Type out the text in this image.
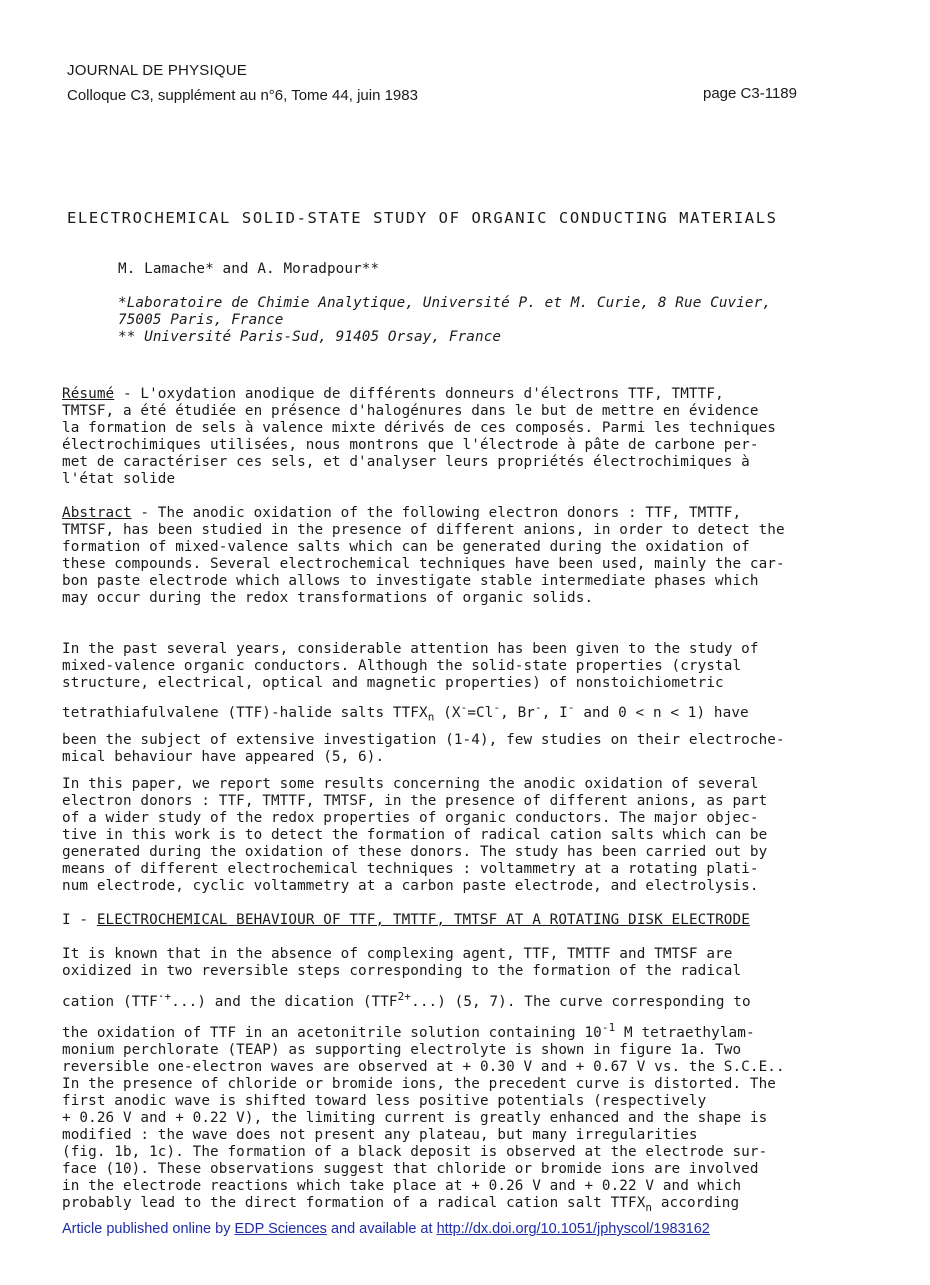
JOURNAL DE PHYSIQUE
Colloque C3, supplément au n°6, Tome 44, juin 1983	page C3-1189
ELECTROCHEMICAL SOLID-STATE STUDY OF ORGANIC CONDUCTING MATERIALS
M. Lamache* and A. Moradpour**
*Laboratoire de Chimie Analytique, Université P. et M. Curie, 8 Rue Cuvier,
75005 Paris, France
** Université Paris-Sud, 91405 Orsay, France

Résumé - L'oxydation anodique de différents donneurs d'électrons TTF, TMTTF,

TMTSF, a été étudiée en présence d'halogénures dans le but de mettre en évidence

la formation de sels à valence mixte dérivés de ces composés. Parmi les techniques

électrochimiques utilisées, nous montrons que l'électrode à pâte de carbone per-

met de caractériser ces sels, et d'analyser leurs propriétés électrochimiques à

l'état solide

Abstract - The anodic oxidation of the following electron donors : TTF, TMTTF,

TMTSF, has been studied in the presence of different anions, in order to detect the

formation of mixed-valence salts which can be generated during the oxidation of

these compounds. Several electrochemical techniques have been used, mainly the car-

bon paste electrode which allows to investigate stable intermediate phases which

may occur during the redox transformations of organic solids.

In the past several years, considerable attention has been given to the study of

mixed-valence organic conductors. Although the solid-state properties (crystal

structure, electrical, optical and magnetic properties) of nonstoichiometric

tetrathiafulvalene (TTF)-halide salts $TTFX_n$ (X-=Cl-, Br-, I- and 0 < n < 1) have

been the subject of extensive investigation (1-4), few studies on their electroche-

mical behaviour have appeared (5, 6).

In this paper, we report some results concerning the anodic oxidation of several

electron donors : TTF, TMTTF, TMTSF, in the presence of different anions, as part

of a wider study of the redox properties of organic conductors. The major objec-

tive in this work is to detect the formation of radical cation salts which can be

generated during the oxidation of these donors. The study has been carried out by

means of different electrochemical techniques : voltammetry at a rotating plati-

num electrode, cyclic voltammetry at a carbon paste electrode, and electrolysis.

I - ELECTROCHEMICAL BEHAVIOUR OF TTF, TMTTF, TMTSF AT A ROTATING DISK ELECTRODE

It is known that in the absence of complexing agent, TTF, TMTTF and TMTSF are

oxidized in two reversible steps corresponding to the formation of the radical

cation (TTF·+...) and the dication $(TTF^{2+}...)$ (5, 7). The curve corresponding to

the oxidation of TTF in an acetonitrile solution containing $10^{-1}$ M tetraethylam-

monium perchlorate (TEAP) as supporting electrolyte is shown in figure 1a. Two

reversible one-electron waves are observed at + 0.30 V and + 0.67 V vs. the S.C.E..

In the presence of chloride or bromide ions, the precedent curve is distorted. The

first anodic wave is shifted toward less positive potentials (respectively

+ 0.26 V and + 0.22 V), the limiting current is greatly enhanced and the shape is

modified : the wave does not present any plateau, but many irregularities

(fig. 1b, 1c). The formation of a black deposit is observed at the electrode sur-

face (10). These observations suggest that chloride or bromide ions are involved

in the electrode reactions which take place at + 0.26 V and + 0.22 V and which

probably lead to the direct formation of a radical cation salt $TTFX_n$ according

Article published online by EDP Sciences and available at http://dx.doi.org/10.1051/jphyscol/1983162
